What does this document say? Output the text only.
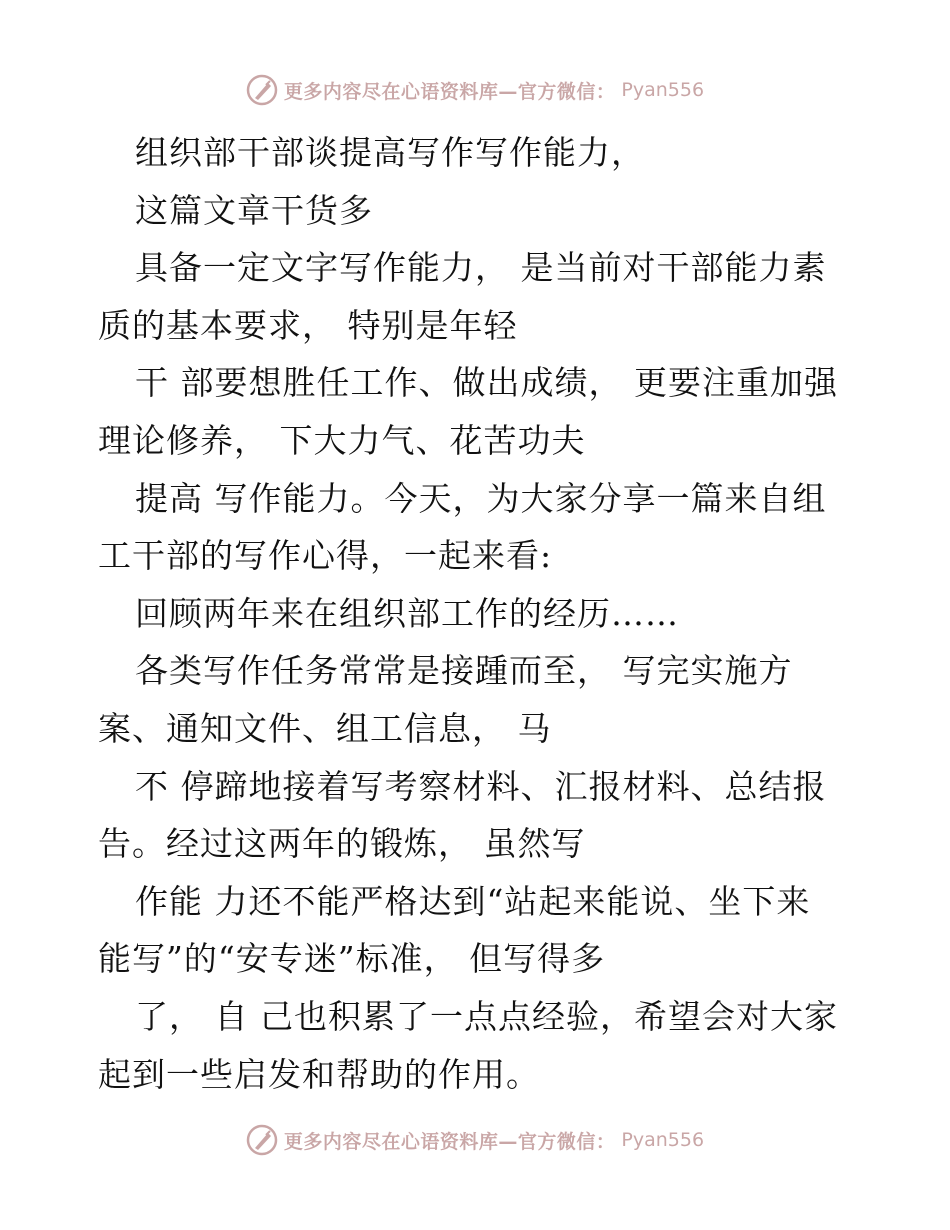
更多内容尽在心语资料库—官方微信： Pyan556
组织部干部谈提高写作写作能力，
这篇文章干货多
具备一定文字写作能力， 是当前对干部能力素
质的基本要求， 特别是年轻
干 部要想胜任工作、做出成绩， 更要注重加强
理论修养， 下大力气、花苦功夫
提高 写作能力。今天，为大家分享一篇来自组
工干部的写作心得，一起来看:
回顾两年来在组织部工作的经历……
各类写作任务常常是接踵而至， 写完实施方
案、通知文件、组工信息， 马
不 停蹄地接着写考察材料、汇报材料、总结报
告。经过这两年的锻炼， 虽然写
作能 力还不能严格达到“站起来能说、坐下来
能写”的“安专迷”标准， 但写得多
了， 自 己也积累了一点点经验，希望会对大家
起到一些启发和帮助的作用。
更多内容尽在心语资料库—官方微信： Pyan556
